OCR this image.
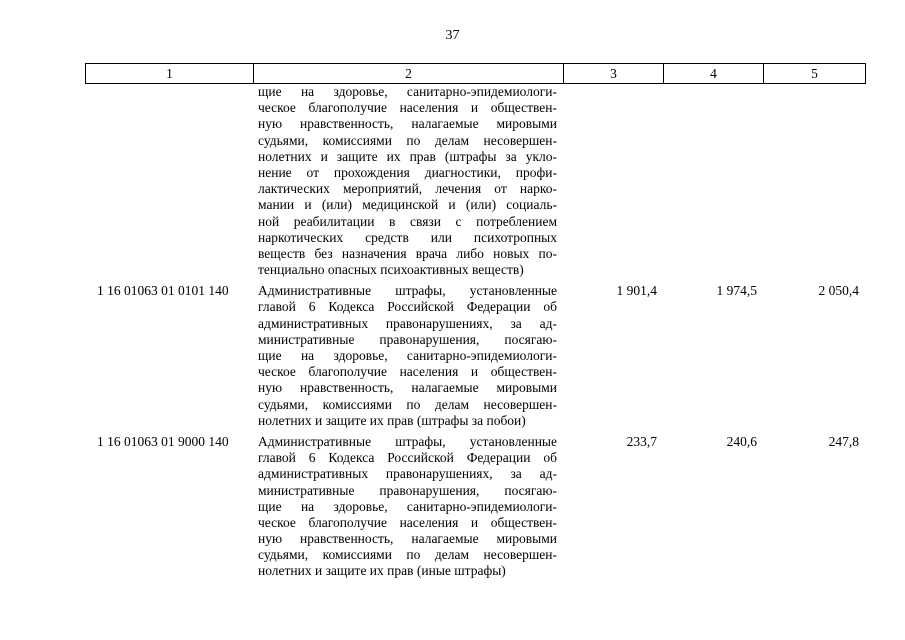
37
1	2	3	4	5
щие на здоровье, санитарно-эпидемиологи-
ческое благополучие населения и обществен-
ную нравственность, налагаемые мировыми
судьями, комиссиями по делам несовершен-
нолетних и защите их прав (штрафы за укло-
нение от прохождения диагностики, профи-
лактических мероприятий, лечения от нарко-
мании и (или) медицинской и (или) социаль-
ной реабилитации в связи с потреблением
наркотических средств или психотропных
веществ без назначения врача либо новых по-
тенциально опасных психоактивных веществ)
1 16 01063 01 0101 140	Административные штрафы, установленные
главой 6 Кодекса Российской Федерации об
административных правонарушениях, за ад-
министративные правонарушения, посягаю-
щие на здоровье, санитарно-эпидемиологи-
ческое благополучие населения и обществен-
ную нравственность, налагаемые мировыми
судьями, комиссиями по делам несовершен-
нолетних и защите их прав (штрафы за побои)
1 901,4	1 974,5	2 050,4
1 16 01063 01 9000 140	Административные штрафы, установленные
главой 6 Кодекса Российской Федерации об
административных правонарушениях, за ад-
министративные правонарушения, посягаю-
щие на здоровье, санитарно-эпидемиологи-
ческое благополучие населения и обществен-
ную нравственность, налагаемые мировыми
судьями, комиссиями по делам несовершен-
нолетних и защите их прав (иные штрафы)
233,7	240,6	247,8
